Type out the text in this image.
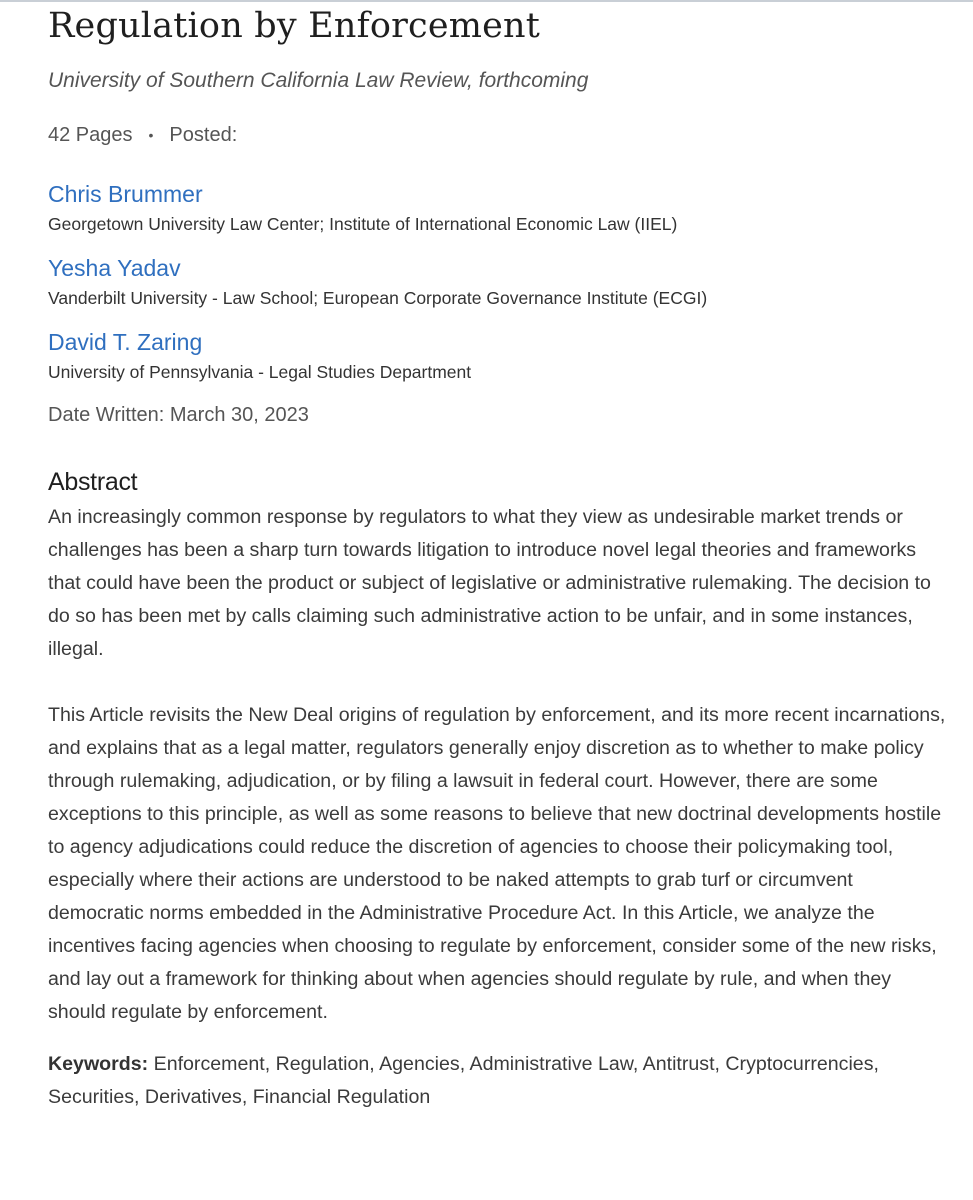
Regulation by Enforcement
University of Southern California Law Review, forthcoming
42 Pages • Posted:
Chris Brummer
Georgetown University Law Center; Institute of International Economic Law (IIEL)
Yesha Yadav
Vanderbilt University - Law School; European Corporate Governance Institute (ECGI)
David T. Zaring
University of Pennsylvania - Legal Studies Department
Date Written: March 30, 2023
Abstract

An increasingly common response by regulators to what they view as undesirable market trends or challenges has been a sharp turn towards litigation to introduce novel legal theories and frameworks that could have been the product or subject of legislative or administrative rulemaking. The decision to do so has been met by calls claiming such administrative action to be unfair, and in some instances, illegal.

This Article revisits the New Deal origins of regulation by enforcement, and its more recent incarnations, and explains that as a legal matter, regulators generally enjoy discretion as to whether to make policy through rulemaking, adjudication, or by filing a lawsuit in federal court. However, there are some exceptions to this principle, as well as some reasons to believe that new doctrinal developments hostile to agency adjudications could reduce the discretion of agencies to choose their policymaking tool, especially where their actions are understood to be naked attempts to grab turf or circumvent democratic norms embedded in the Administrative Procedure Act. In this Article, we analyze the incentives facing agencies when choosing to regulate by enforcement, consider some of the new risks, and lay out a framework for thinking about when agencies should regulate by rule, and when they should regulate by enforcement.

Keywords: Enforcement, Regulation, Agencies, Administrative Law, Antitrust, Cryptocurrencies, Securities, Derivatives, Financial Regulation
